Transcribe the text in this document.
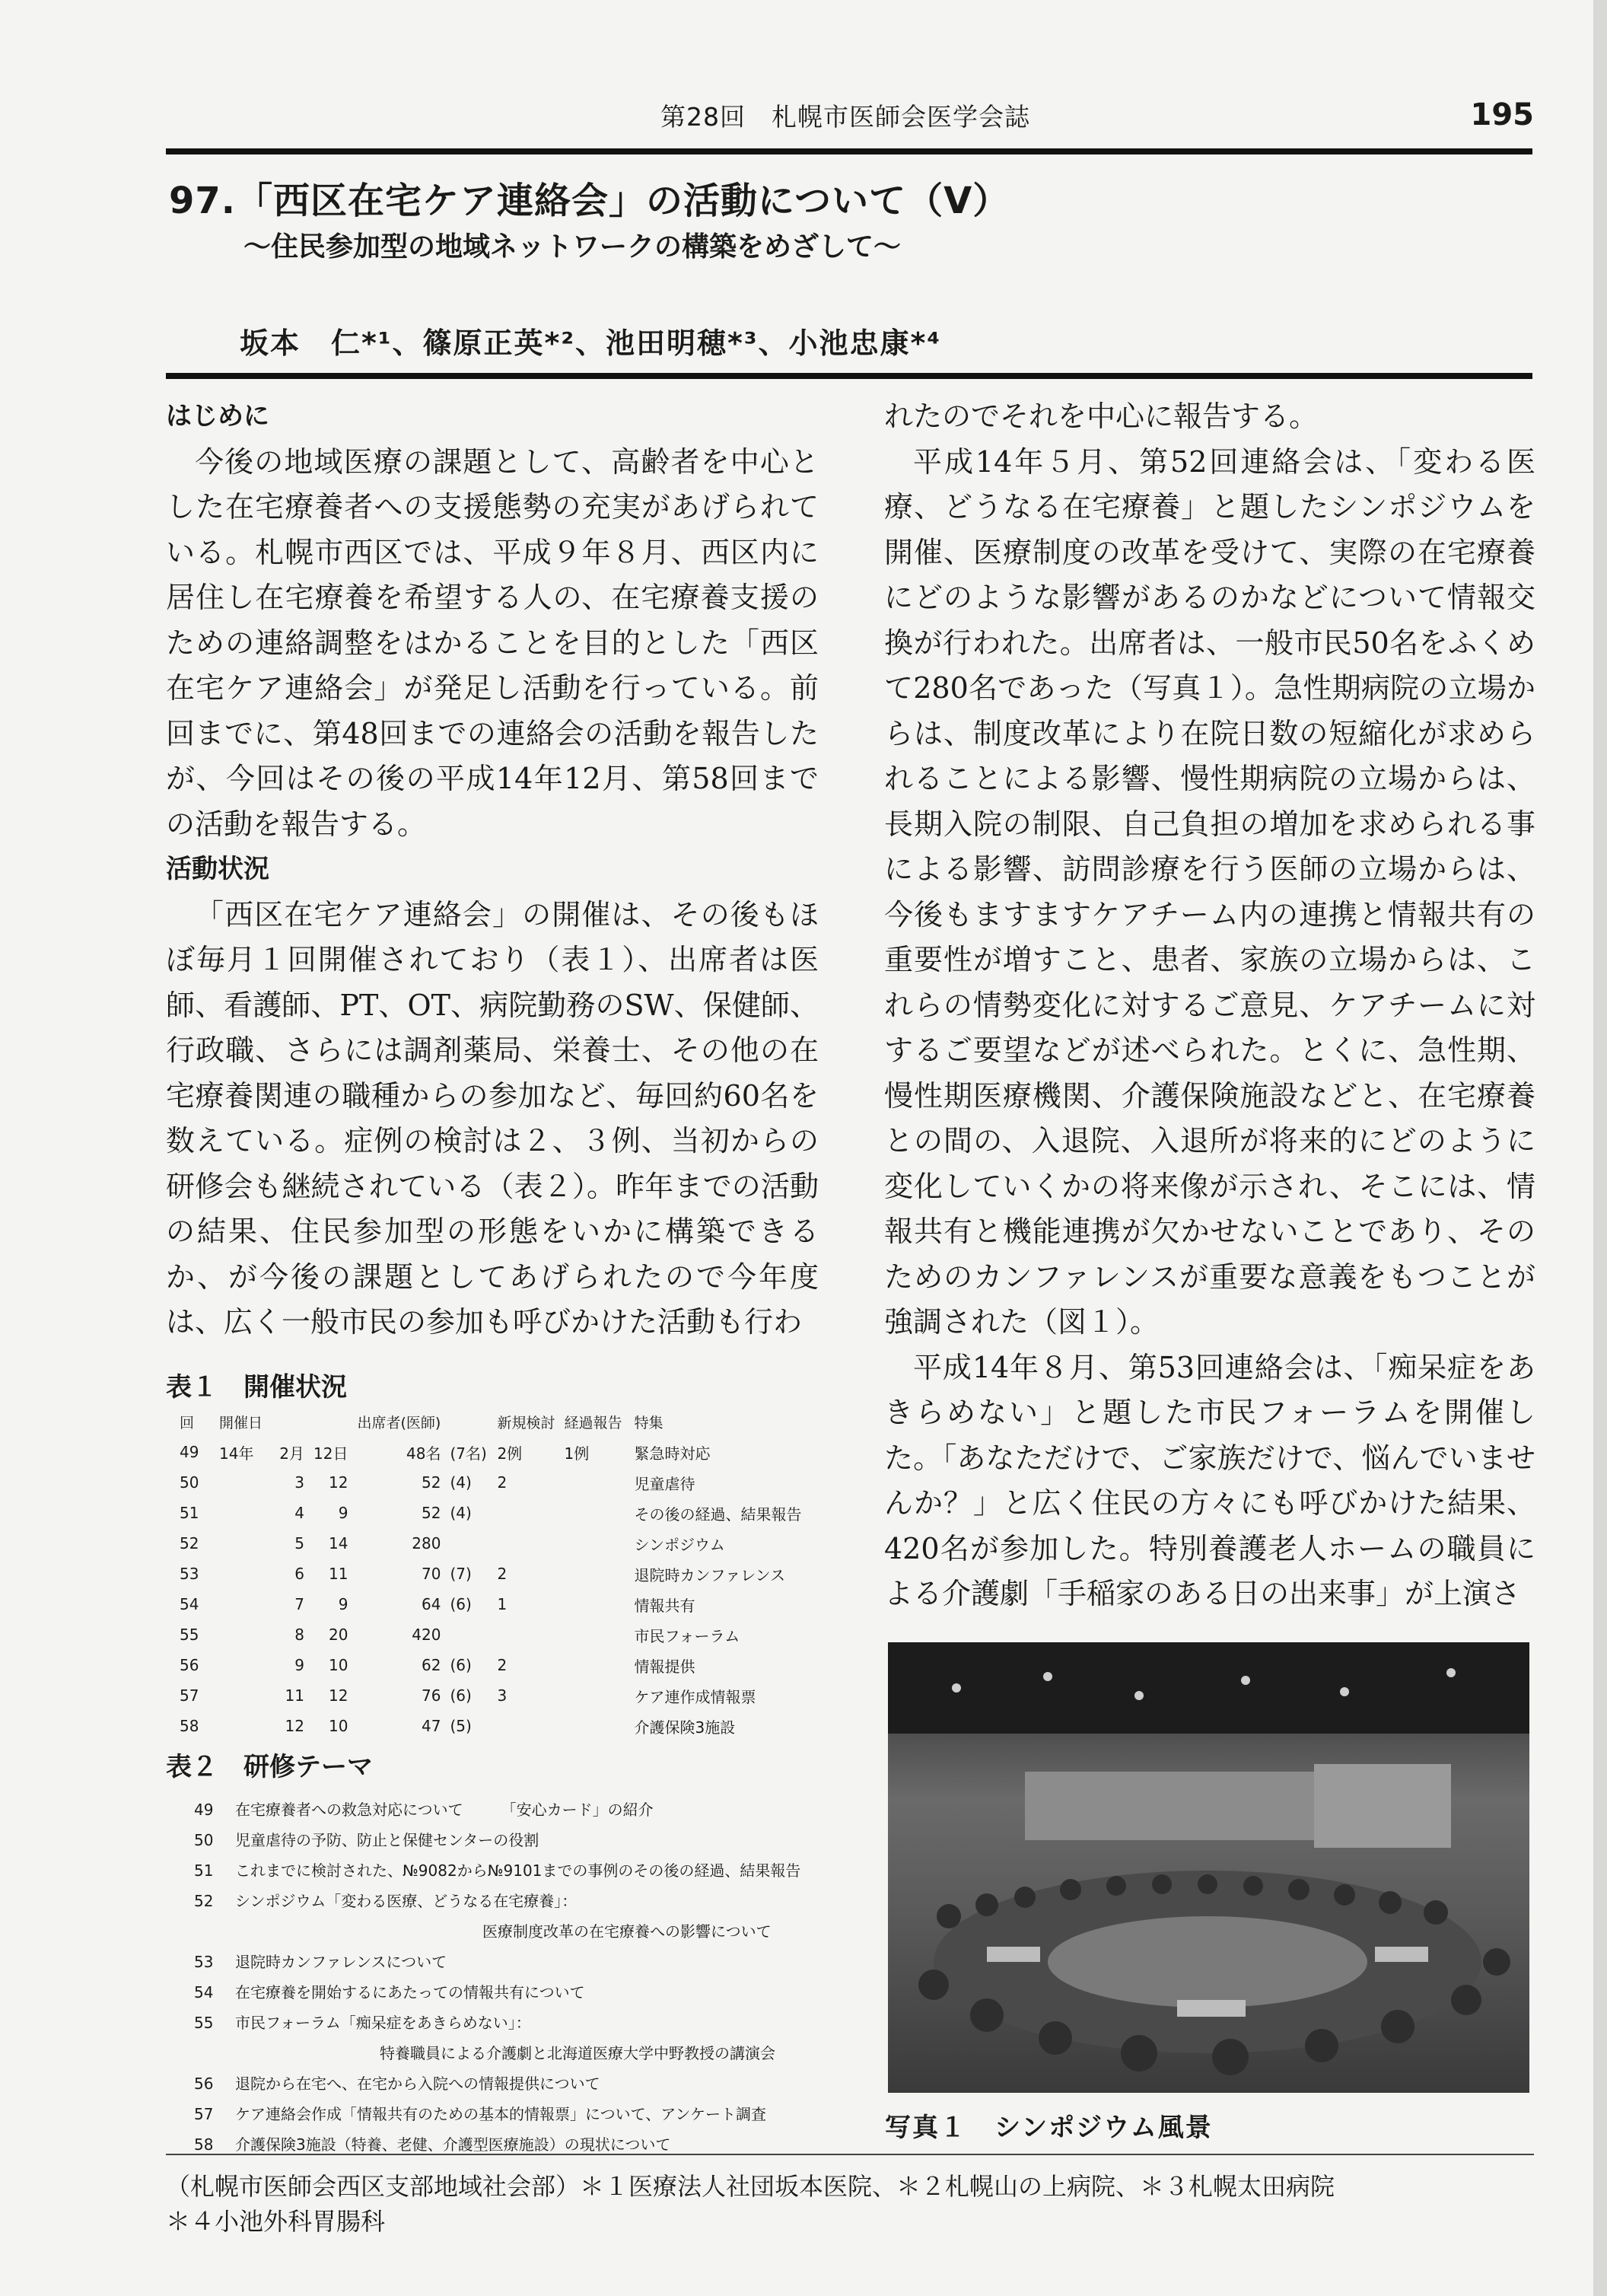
第28回　札幌市医師会医学会誌	195
97.「西区在宅ケア連絡会」の活動について（Ⅴ）
〜住民参加型の地域ネットワークの構築をめざして〜
坂本　仁*¹、篠原正英*²、池田明穂*³、小池忠康*⁴
はじめに

今後の地域医療の課題として、高齢者を中心とした在宅療養者への支援態勢の充実があげられている。札幌市西区では、平成９年８月、西区内に居住し在宅療養を希望する人の、在宅療養支援のための連絡調整をはかることを目的とした「西区在宅ケア連絡会」が発足し活動を行っている。前回までに、第48回までの連絡会の活動を報告したが、今回はその後の平成14年12月、第58回までの活動を報告する。

活動状況

「西区在宅ケア連絡会」の開催は、その後もほぼ毎月１回開催されており（表１）、出席者は医師、看護師、PT、OT、病院勤務のSW、保健師、行政職、さらには調剤薬局、栄養士、その他の在宅療養関連の職種からの参加など、毎回約60名を数えている。症例の検討は２、３例、当初からの研修会も継続されている（表２）。昨年までの活動の結果、住民参加型の形態をいかに構築できるか、が今後の課題としてあげられたので今年度は、広く一般市民の参加も呼びかけた活動も行わ

れたのでそれを中心に報告する。

平成14年５月、第52回連絡会は、「変わる医療、どうなる在宅療養」と題したシンポジウムを開催、医療制度の改革を受けて、実際の在宅療養にどのような影響があるのかなどについて情報交換が行われた。出席者は、一般市民50名をふくめて280名であった（写真１）。急性期病院の立場からは、制度改革により在院日数の短縮化が求められることによる影響、慢性期病院の立場からは、長期入院の制限、自己負担の増加を求められる事による影響、訪問診療を行う医師の立場からは、今後もますますケアチーム内の連携と情報共有の重要性が増すこと、患者、家族の立場からは、これらの情勢変化に対するご意見、ケアチームに対するご要望などが述べられた。とくに、急性期、慢性期医療機関、介護保険施設などと、在宅療養との間の、入退院、入退所が将来的にどのように変化していくかの将来像が示され、そこには、情報共有と機能連携が欠かせないことであり、そのためのカンファレンスが重要な意義をもつことが強調された（図１）。

平成14年８月、第53回連絡会は、「痴呆症をあきらめない」と題した市民フォーラムを開催した。「あなただけで、ご家族だけで、悩んでいませんか？」と広く住民の方々にも呼びかけた結果、420名が参加した。特別養護老人ホームの職員による介護劇「手稲家のある日の出来事」が上演さ

表１　開催状況
回	開催日			出席者(医師)		新規検討	経過報告	特集
49	14年	2月	12日	48名	(7名)	2例	1例	緊急時対応
50		3	12	52	(4)	2		児童虐待
51		4	9	52	(4)			その後の経過、結果報告
52		5	14	280				シンポジウム
53		6	11	70	(7)	2		退院時カンファレンス
54		7	9	64	(6)	1		情報共有
55		8	20	420				市民フォーラム
56		9	10	62	(6)	2		情報提供
57		11	12	76	(6)	3		ケア連作成情報票
58		12	10	47	(5)			介護保険3施設
表２　研修テーマ
49 在宅療養者への救急対応について　　　「安心カード」の紹介
50 児童虐待の予防、防止と保健センターの役割
51 これまでに検討された、№9082から№9101までの事例のその後の経過、結果報告
52 シンポジウム「変わる医療、どうなる在宅療養」：
医療制度改革の在宅療養への影響について
53 退院時カンファレンスについて
54 在宅療養を開始するにあたっての情報共有について
55 市民フォーラム「痴呆症をあきらめない」：
特養職員による介護劇と北海道医療大学中野教授の講演会
56 退院から在宅へ、在宅から入院への情報提供について
57 ケア連絡会作成「情報共有のための基本的情報票」について、アンケート調査
58 介護保険3施設（特養、老健、介護型医療施設）の現状について
写真１　シンポジウム風景
（札幌市医師会西区支部地域社会部）＊１医療法人社団坂本医院、＊２札幌山の上病院、＊３札幌太田病院
＊４小池外科胃腸科
